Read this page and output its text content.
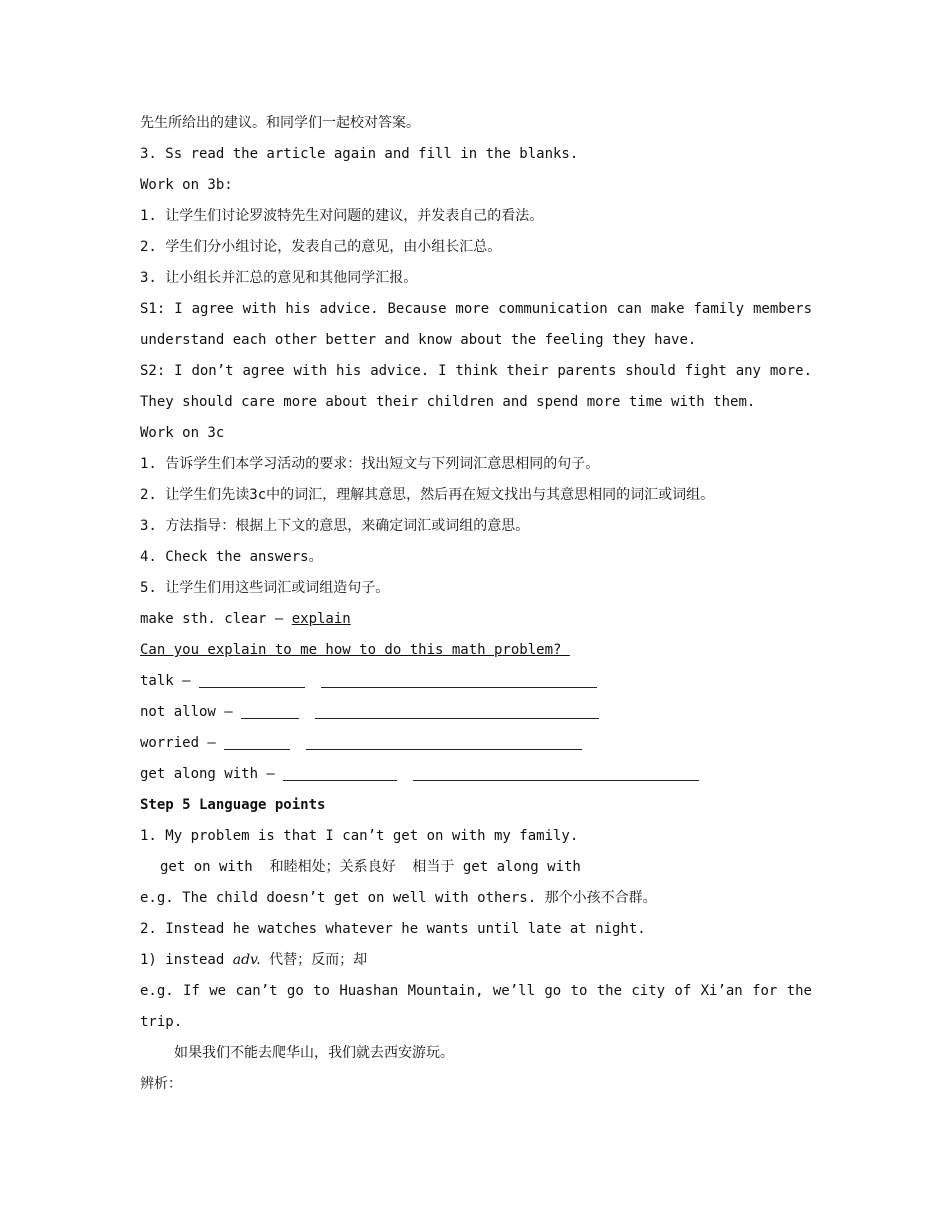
先生所给出的建议。和同学们一起校对答案。
3. Ss read the article again and fill in the blanks.
Work on 3b:
1. 让学生们讨论罗波特先生对问题的建议，并发表自己的看法。
2. 学生们分小组讨论，发表自己的意见，由小组长汇总。
3. 让小组长并汇总的意见和其他同学汇报。
S1: I agree with his advice. Because more communication can make family members
understand each other better and know about the feeling they have.
S2: I don’t agree with his advice. I think their parents should fight any more.
They should care more about their children and spend more time with them.
Work on 3c
1. 告诉学生们本学习活动的要求：找出短文与下列词汇意思相同的句子。
2. 让学生们先读3c中的词汇，理解其意思，然后再在短文找出与其意思相同的词汇或词组。
3. 方法指导：根据上下文的意思，来确定词汇或词组的意思。
4. Check the answers。
5. 让学生们用这些词汇或词组造句子。
make sth. clear — explain
Can you explain to me how to do this math problem?
talk —
not allow —
worried —
get along with —
Step 5 Language points
1. My problem is that I can’t get on with my family.
get on with  和睦相处；关系良好  相当于 get along with
e.g. The child doesn’t get on well with others. 那个小孩不合群。
2. Instead he watches whatever he wants until late at night.
1) instead adv. 代替；反而；却
e.g. If we can’t go to Huashan Mountain, we’ll go to the city of Xi’an for the
trip.
如果我们不能去爬华山，我们就去西安游玩。
辨析：
